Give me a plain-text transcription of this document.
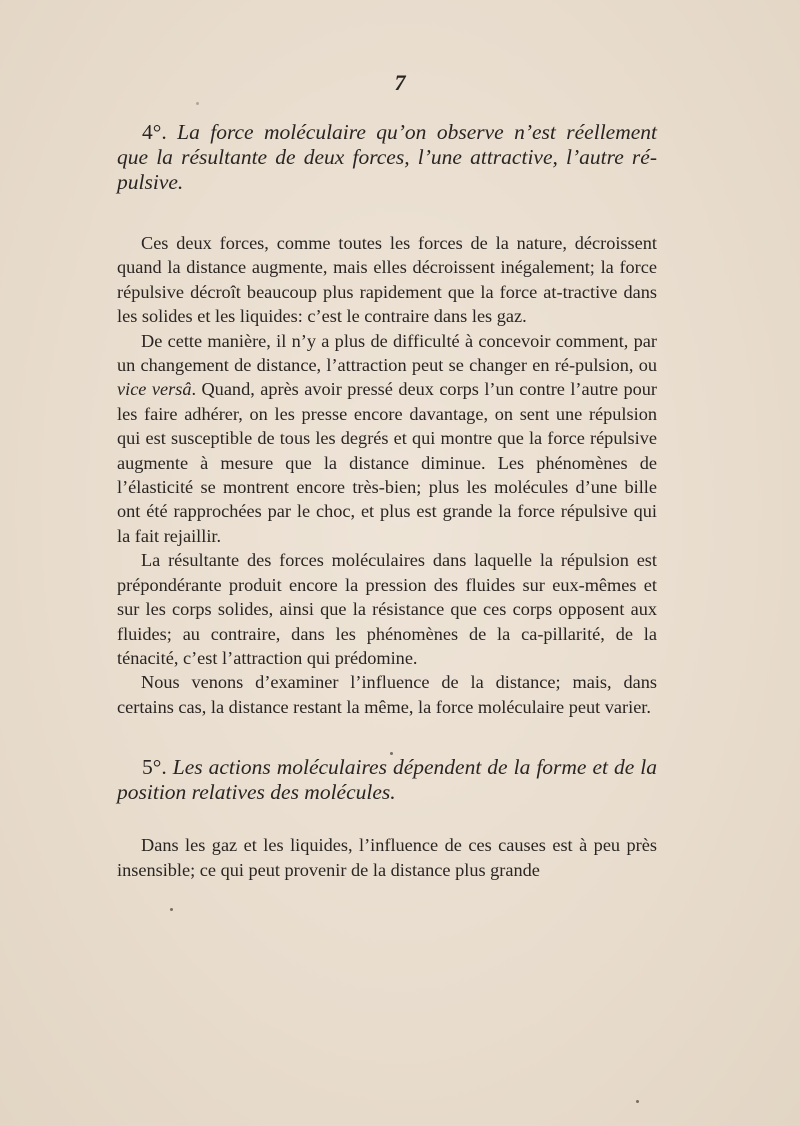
7

4°. La force moléculaire qu’on observe n’est réellement que la résultante de deux forces, l’une attractive, l’autre ré-pulsive.

Ces deux forces, comme toutes les forces de la nature, décroissent quand la distance augmente, mais elles décroissent inégalement; la force répulsive décroît beaucoup plus rapidement que la force at-tractive dans les solides et les liquides: c’est le contraire dans les gaz.

De cette manière, il n’y a plus de difficulté à concevoir comment, par un changement de distance, l’attraction peut se changer en ré-pulsion, ou vice versâ. Quand, après avoir pressé deux corps l’un contre l’autre pour les faire adhérer, on les presse encore davantage, on sent une répulsion qui est susceptible de tous les degrés et qui montre que la force répulsive augmente à mesure que la distance diminue. Les phénomènes de l’élasticité se montrent encore très-bien; plus les molécules d’une bille ont été rapprochées par le choc, et plus est grande la force répulsive qui la fait rejaillir.

La résultante des forces moléculaires dans laquelle la répulsion est prépondérante produit encore la pression des fluides sur eux-mêmes et sur les corps solides, ainsi que la résistance que ces corps opposent aux fluides; au contraire, dans les phénomènes de la ca-pillarité, de la ténacité, c’est l’attraction qui prédomine.

Nous venons d’examiner l’influence de la distance; mais, dans certains cas, la distance restant la même, la force moléculaire peut varier.

5°. Les actions moléculaires dépendent de la forme et de la position relatives des molécules.

Dans les gaz et les liquides, l’influence de ces causes est à peu près insensible; ce qui peut provenir de la distance plus grande
